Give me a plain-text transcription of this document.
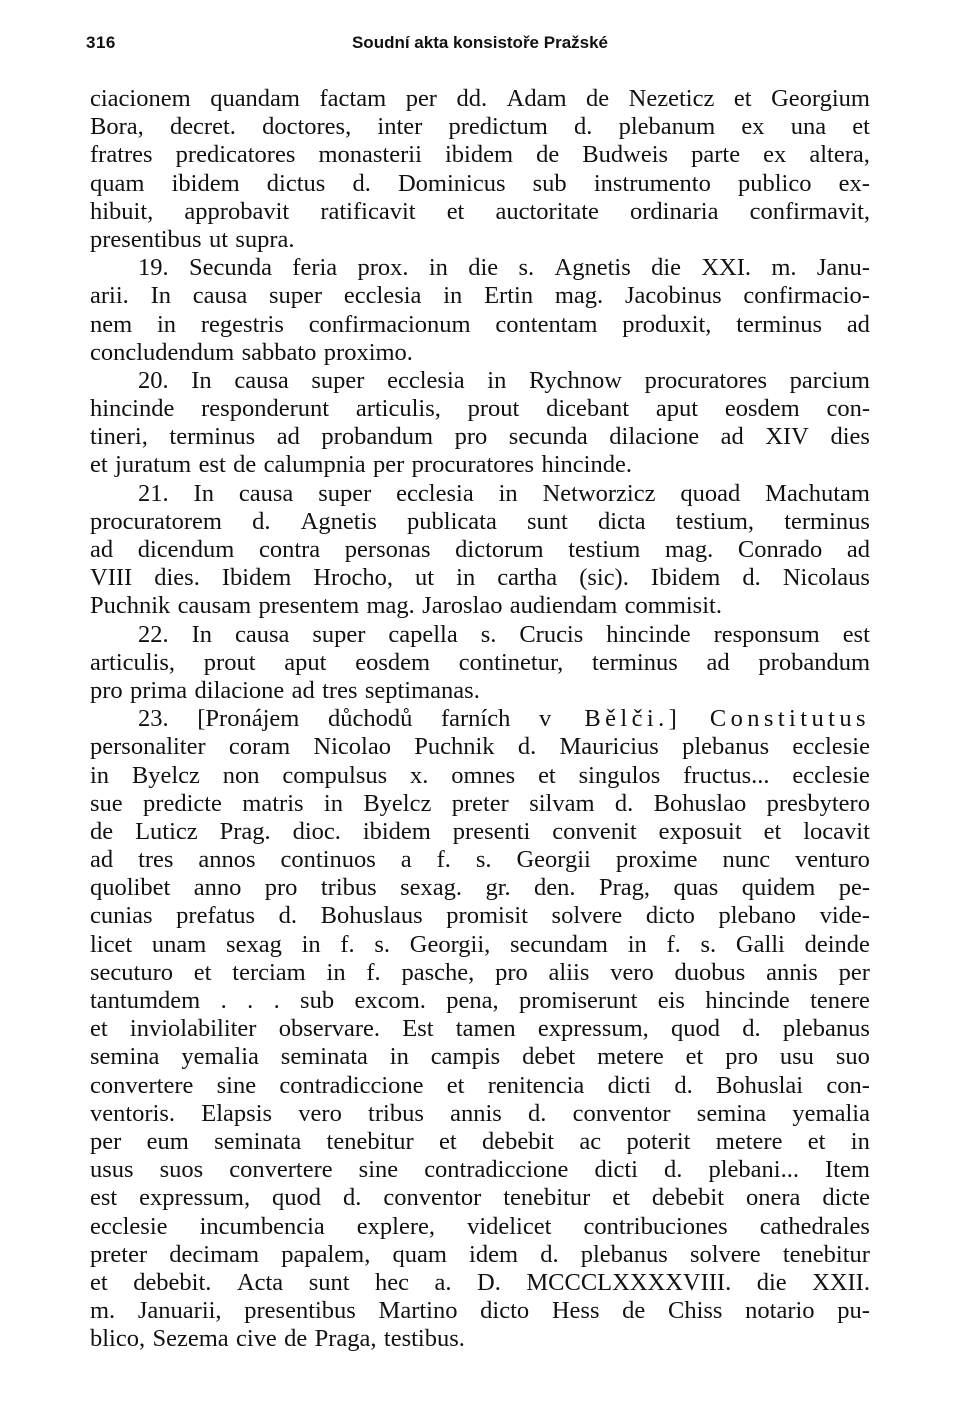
316	Soudní akta konsistoře Pražské
ciacionem quandam factam per dd. Adam de Nezeticz et Georgium
Bora, decret. doctores, inter predictum d. plebanum ex una et
fratres predicatores monasterii ibidem de Budweis parte ex altera,
quam ibidem dictus d. Dominicus sub instrumento publico ex-
hibuit, approbavit ratificavit et auctoritate ordinaria confirmavit,
presentibus ut supra.
19. Secunda feria prox. in die s. Agnetis die XXI. m. Janu-
arii. In causa super ecclesia in Ertin mag. Jacobinus confirmacio-
nem in regestris confirmacionum contentam produxit, terminus ad
concludendum sabbato proximo.
20. In causa super ecclesia in Rychnow procuratores parcium
hincinde responderunt articulis, prout dicebant aput eosdem con-
tineri, terminus ad probandum pro secunda dilacione ad XIV dies
et juratum est de calumpnia per procuratores hincinde.
21. In causa super ecclesia in Networzicz quoad Machutam
procuratorem d. Agnetis publicata sunt dicta testium, terminus
ad dicendum contra personas dictorum testium mag. Conrado ad
VIII dies. Ibidem Hrocho, ut in cartha (sic). Ibidem d. Nicolaus
Puchnik causam presentem mag. Jaroslao audiendam commisit.
22. In causa super capella s. Crucis hincinde responsum est
articulis, prout aput eosdem continetur, terminus ad probandum
pro prima dilacione ad tres septimanas.
23. [Pronájem důchodů farních v Bělči.] Constitutus
personaliter coram Nicolao Puchnik d. Mauricius plebanus ecclesie
in Byelcz non compulsus x. omnes et singulos fructus... ecclesie
sue predicte matris in Byelcz preter silvam d. Bohuslao presbytero
de Luticz Prag. dioc. ibidem presenti convenit exposuit et locavit
ad tres annos continuos a f. s. Georgii proxime nunc venturo
quolibet anno pro tribus sexag. gr. den. Prag, quas quidem pe-
cunias prefatus d. Bohuslaus promisit solvere dicto plebano vide-
licet unam sexag in f. s. Georgii, secundam in f. s. Galli deinde
secuturo et terciam in f. pasche, pro aliis vero duobus annis per
tantumdem . . . sub excom. pena, promiserunt eis hincinde tenere
et inviolabiliter observare. Est tamen expressum, quod d. plebanus
semina yemalia seminata in campis debet metere et pro usu suo
convertere sine contradiccione et renitencia dicti d. Bohuslai con-
ventoris. Elapsis vero tribus annis d. conventor semina yemalia
per eum seminata tenebitur et debebit ac poterit metere et in
usus suos convertere sine contradiccione dicti d. plebani... Item
est expressum, quod d. conventor tenebitur et debebit onera dicte
ecclesie incumbencia explere, videlicet contribuciones cathedrales
preter decimam papalem, quam idem d. plebanus solvere tenebitur
et debebit. Acta sunt hec a. D. MCCCLXXXXVIII. die XXII.
m. Januarii, presentibus Martino dicto Hess de Chiss notario pu-
blico, Sezema cive de Praga, testibus.
